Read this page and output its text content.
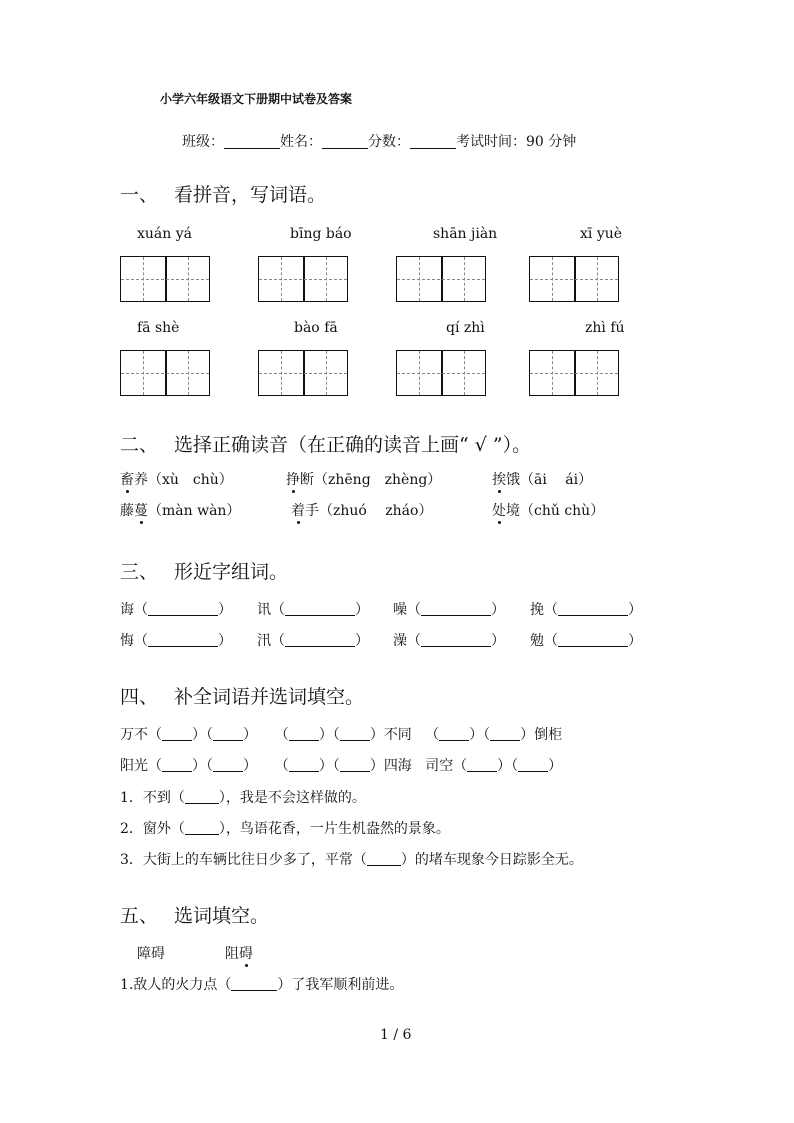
小学六年级语文下册期中试卷及答案
班级：	姓名：	分数：	考试时间：90 分钟
一、 看拼音，写词语。
xuán yá	bīng báo	shān jiàn	xī yuè
fā shè	bào fā	qí zhì	zhì fú
二、 选择正确读音（在正确的读音上画“ √ ”）。
畜养（xù　chù）	挣断（zhēng　zhèng）	挨饿（āi　 ái）
藤蔓（màn wàn）	着手（zhuó　 zháo）	处境（chǔ chù）
三、 形近字组词。
诲（	） 讯（	） 噪（	） 挽（	）
悔（	） 汛（	） 澡（	） 勉（	）
四、 补全词语并选词填空。
万不（ ）（ ）    （ ）（ ）不同   （ ）（ ）倒柜
阳光（ ）（ ）    （ ）（ ）四海 司空（ ）（ ）
1．不到（ ），我是不会这样做的。
2．窗外（ ），鸟语花香，一片生机盎然的景象。
3．大街上的车辆比往日少多了，平常（ ）的堵车现象今日踪影全无。
五、 选词填空。
障碍	阻碍
1.敌人的火力点（	）了我军顺利前进。
1 / 6
